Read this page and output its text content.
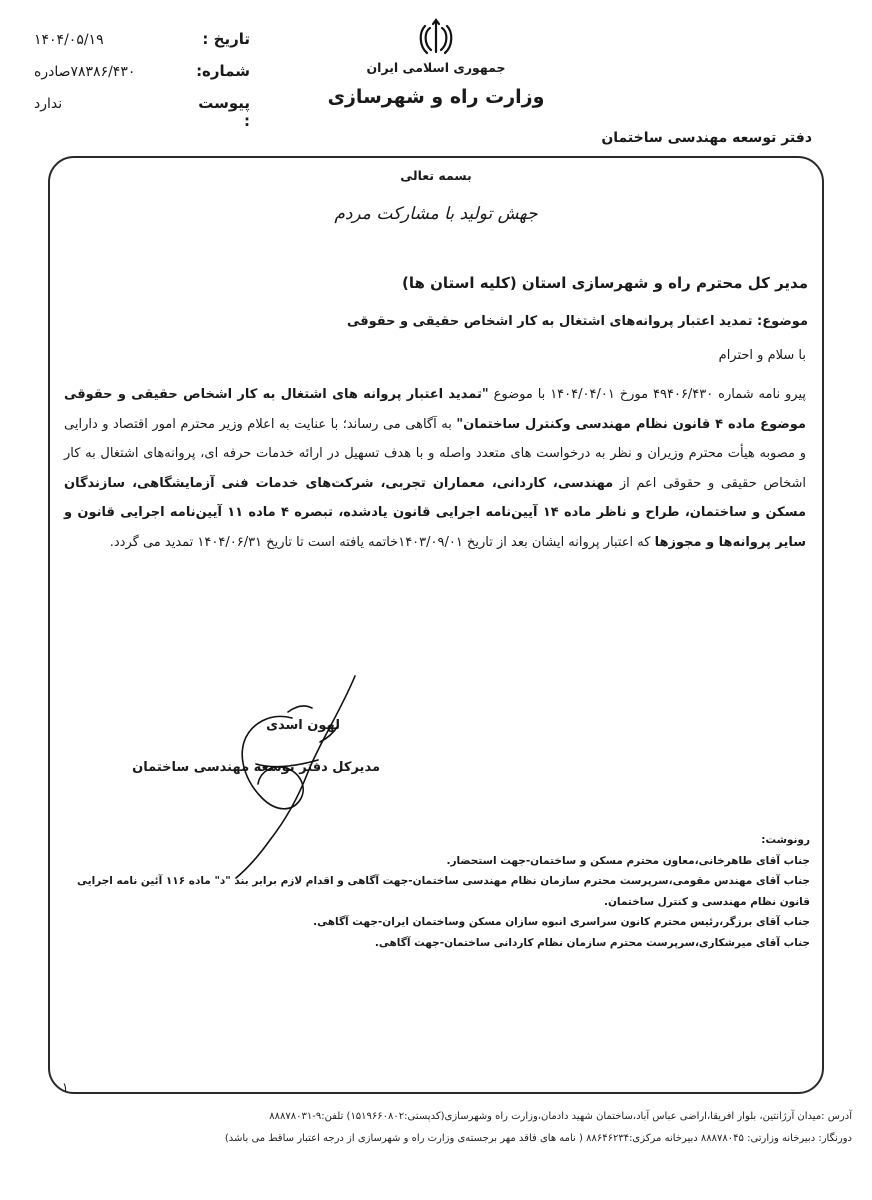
تاریخ :
۱۴۰۴/۰۵/۱۹
شماره:
۷۸۳۸۶/۴۳۰صادره
پیوست :
ندارد
جمهوری اسلامی ایران
وزارت راه و شهرسازی
دفتر توسعه مهندسی ساختمان
بسمه تعالی
جهش تولید با مشارکت مردم
مدیر کل محترم راه و شهرسازی استان (کلیه استان ها)
موضوع: تمدید اعتبار پروانه‌های اشتغال به کار اشخاص حقیقی و حقوقی
با سلام و احترام
پیرو نامه شماره ۴۹۴۰۶/۴۳۰ مورخ ۱۴۰۴/۰۴/۰۱ با موضوع "تمدید اعتبار پروانه های اشتغال به کار اشخاص حقیقی و حقوقی موضوع ماده ۴ قانون نظام مهندسی وکنترل ساختمان" به آگاهی می رساند؛ با عنایت به اعلام وزیر محترم امور اقتصاد و دارایی و مصوبه هیأت محترم وزیران و نظر به درخواست های متعدد واصله و با هدف تسهیل در ارائه خدمات حرفه ای، پروانه‌های اشتغال به کار اشخاص حقیقی و حقوقی اعم از مهندسی، کاردانی، معماران تجربی، شرکت‌های خدمات فنی آزمایشگاهی، سازندگان مسکن و ساختمان، طراح و ناظر ماده ۱۴ آیین‌نامه اجرایی قانون یادشده، تبصره ۴ ماده ۱۱ آیین‌نامه اجرایی قانون و سایر پروانه‌ها و مجوزها که اعتبار پروانه ایشان بعد از تاریخ ۱۴۰۳/۰۹/۰۱خاتمه یافته است تا تاریخ ۱۴۰۴/۰۶/۳۱ تمدید می گردد.
لهون اسدی
مدیرکل دفتر توسعه مهندسی ساختمان
رونوشت:
جناب آقای طاهرخانی،معاون محترم مسکن و ساختمان-جهت استحضار.
جناب آقای مهندس مقومی،سرپرست محترم سازمان نظام مهندسی ساختمان-جهت آگاهی و اقدام لازم برابر بند "د" ماده ۱۱۶ آئین نامه اجرایی قانون نظام مهندسی و کنترل ساختمان.
جناب آقای برزگر،رئیس محترم کانون سراسری انبوه سازان مسکن وساختمان ایران-جهت آگاهی.
جناب آقای میرشکاری،سرپرست محترم سازمان نظام کاردانی ساختمان-جهت آگاهی.
۱
آدرس :میدان آرژانتین، بلوار افریقا،اراضی عباس آباد،ساختمان شهید دادمان،وزارت راه وشهرسازی(کدپستی:۱۵۱۹۶۶۰۸۰۲) تلفن:۹-۸۸۸۷۸۰۳۱
دورنگار: دبیرخانه وزارتی: ۸۸۸۷۸۰۴۵ دبیرخانه مرکزی:۸۸۶۴۶۲۳۴ ( نامه های فاقد مهر برجسته‌ی وزارت راه و شهرسازی از درجه اعتبار ساقط می باشد)
